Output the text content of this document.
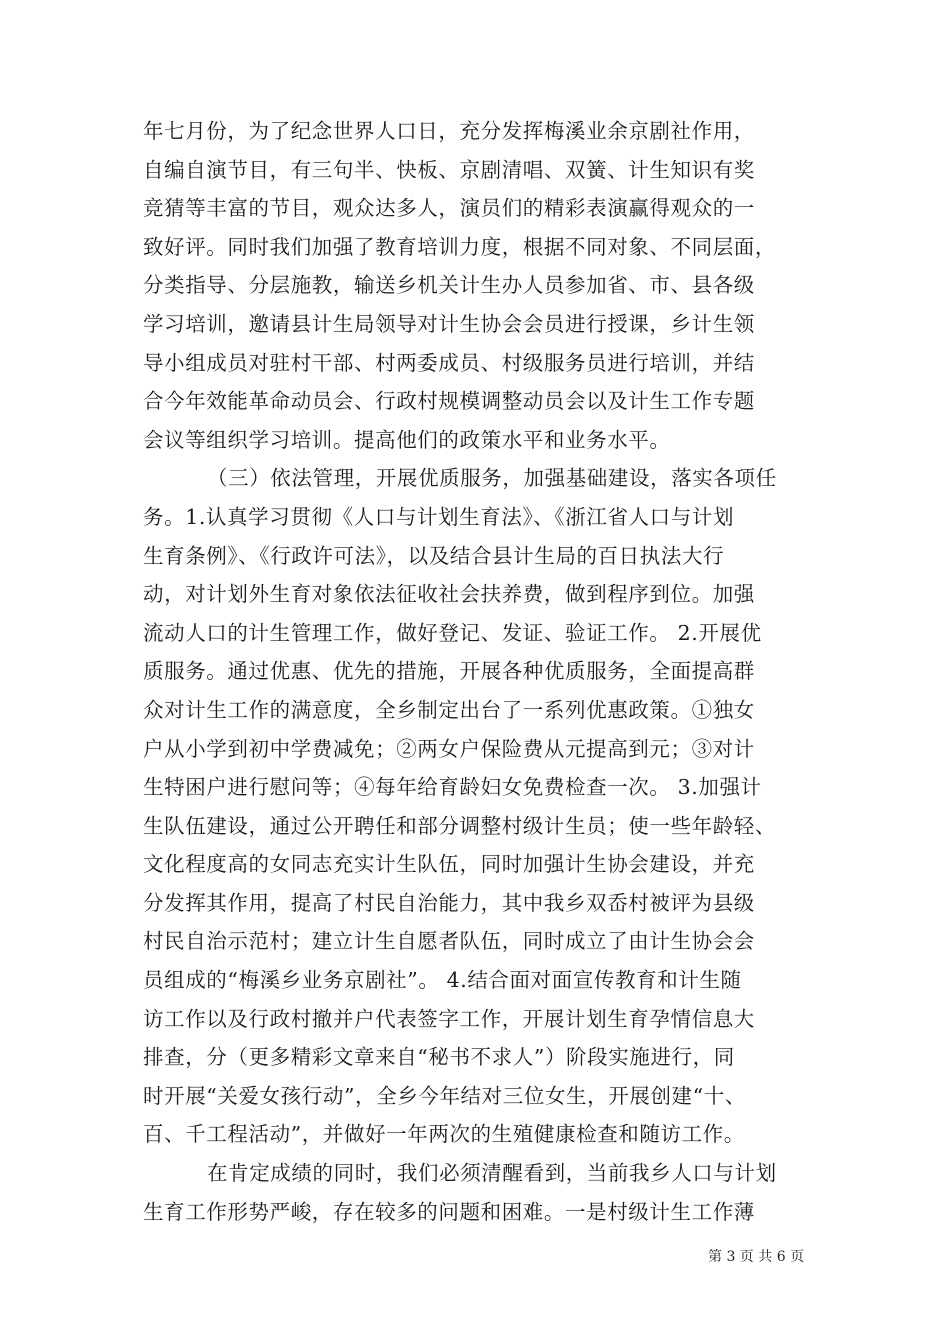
年七月份，为了纪念世界人口日，充分发挥梅溪业余京剧社作用，
自编自演节目，有三句半、快板、京剧清唱、双簧、计生知识有奖
竞猜等丰富的节目，观众达多人，演员们的精彩表演赢得观众的一
致好评。同时我们加强了教育培训力度，根据不同对象、不同层面，
分类指导、分层施教，输送乡机关计生办人员参加省、市、县各级
学习培训，邀请县计生局领导对计生协会会员进行授课，乡计生领
导小组成员对驻村干部、村两委成员、村级服务员进行培训，并结
合今年效能革命动员会、行政村规模调整动员会以及计生工作专题
会议等组织学习培训。提高他们的政策水平和业务水平。
（三）依法管理，开展优质服务，加强基础建设，落实各项任
务。1.认真学习贯彻《人口与计划生育法》、《浙江省人口与计划
生育条例》、《行政许可法》，以及结合县计生局的百日执法大行
动，对计划外生育对象依法征收社会扶养费，做到程序到位。加强
流动人口的计生管理工作，做好登记、发证、验证工作。 2.开展优
质服务。通过优惠、优先的措施，开展各种优质服务，全面提高群
众对计生工作的满意度，全乡制定出台了一系列优惠政策。①独女
户从小学到初中学费减免；②两女户保险费从元提高到元；③对计
生特困户进行慰问等；④每年给育龄妇女免费检查一次。 3.加强计
生队伍建设，通过公开聘任和部分调整村级计生员；使一些年龄轻、
文化程度高的女同志充实计生队伍，同时加强计生协会建设，并充
分发挥其作用，提高了村民自治能力，其中我乡双岙村被评为县级
村民自治示范村；建立计生自愿者队伍，同时成立了由计生协会会
员组成的“梅溪乡业务京剧社”。 4.结合面对面宣传教育和计生随
访工作以及行政村撤并户代表签字工作，开展计划生育孕情信息大
排查，分（更多精彩文章来自“秘书不求人”）阶段实施进行，同
时开展“关爱女孩行动”，全乡今年结对三位女生，开展创建“十、
百、千工程活动”，并做好一年两次的生殖健康检查和随访工作。
在肯定成绩的同时，我们必须清醒看到，当前我乡人口与计划
生育工作形势严峻，存在较多的问题和困难。一是村级计生工作薄
第 3 页 共 6 页
